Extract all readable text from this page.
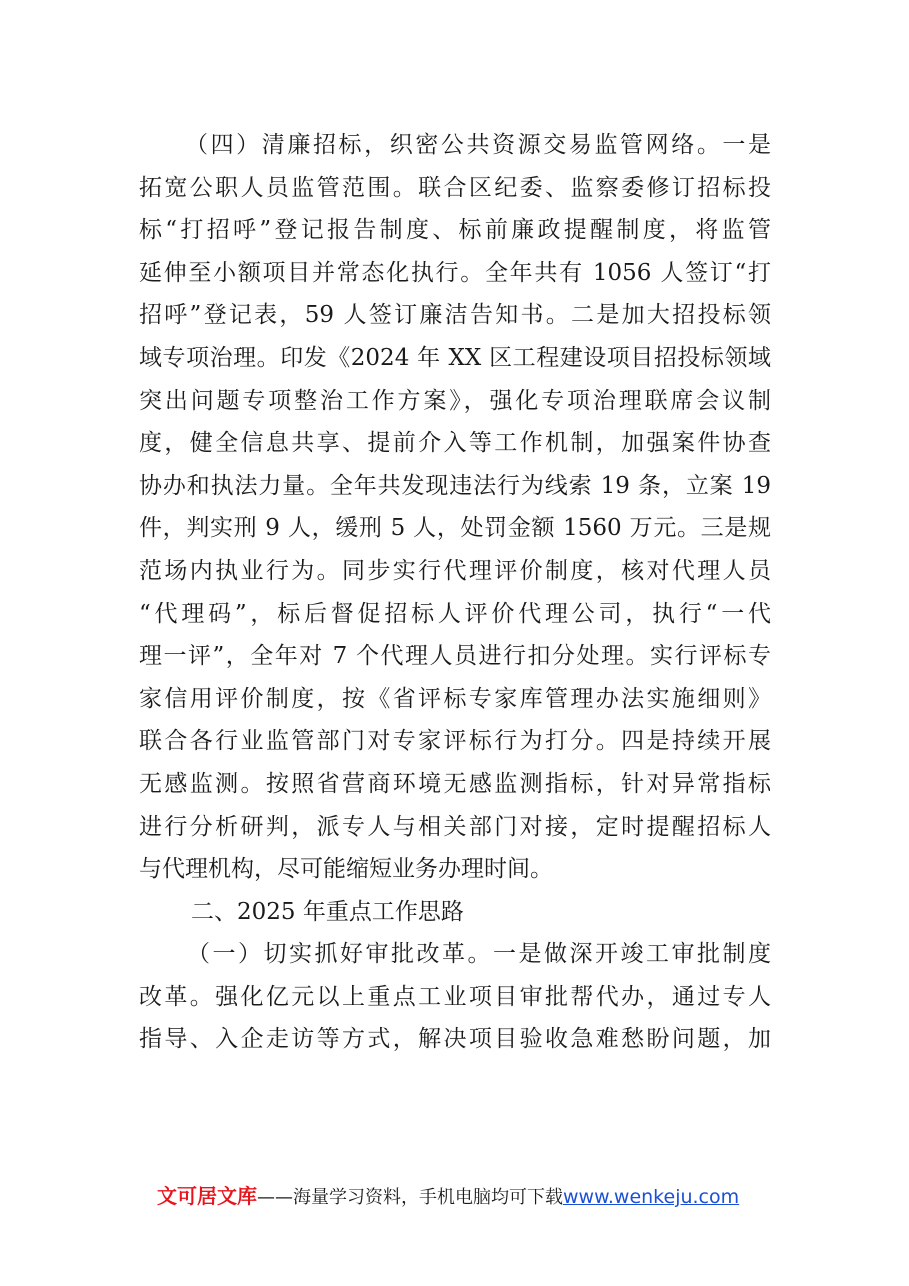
（四）清廉招标，织密公共资源交易监管网络。一是
拓宽公职人员监管范围。联合区纪委、监察委修订招标投
标“打招呼”登记报告制度、标前廉政提醒制度，将监管
延伸至小额项目并常态化执行。全年共有 1056 人签订“打
招呼”登记表，59 人签订廉洁告知书。二是加大招投标领
域专项治理。印发《2024 年 XX 区工程建设项目招投标领域
突出问题专项整治工作方案》，强化专项治理联席会议制
度，健全信息共享、提前介入等工作机制，加强案件协查
协办和执法力量。全年共发现违法行为线索 19 条，立案 19
件，判实刑 9 人，缓刑 5 人，处罚金额 1560 万元。三是规
范场内执业行为。同步实行代理评价制度，核对代理人员
“代理码”，标后督促招标人评价代理公司，执行“一代
理一评”，全年对 7 个代理人员进行扣分处理。实行评标专
家信用评价制度，按《省评标专家库管理办法实施细则》
联合各行业监管部门对专家评标行为打分。四是持续开展
无感监测。按照省营商环境无感监测指标，针对异常指标
进行分析研判，派专人与相关部门对接，定时提醒招标人
与代理机构，尽可能缩短业务办理时间。
二、2025 年重点工作思路
（一）切实抓好审批改革。一是做深开竣工审批制度
改革。强化亿元以上重点工业项目审批帮代办，通过专人
指导、入企走访等方式，解决项目验收急难愁盼问题，加
文可居文库——海量学习资料，手机电脑均可下载www.wenkeju.com
